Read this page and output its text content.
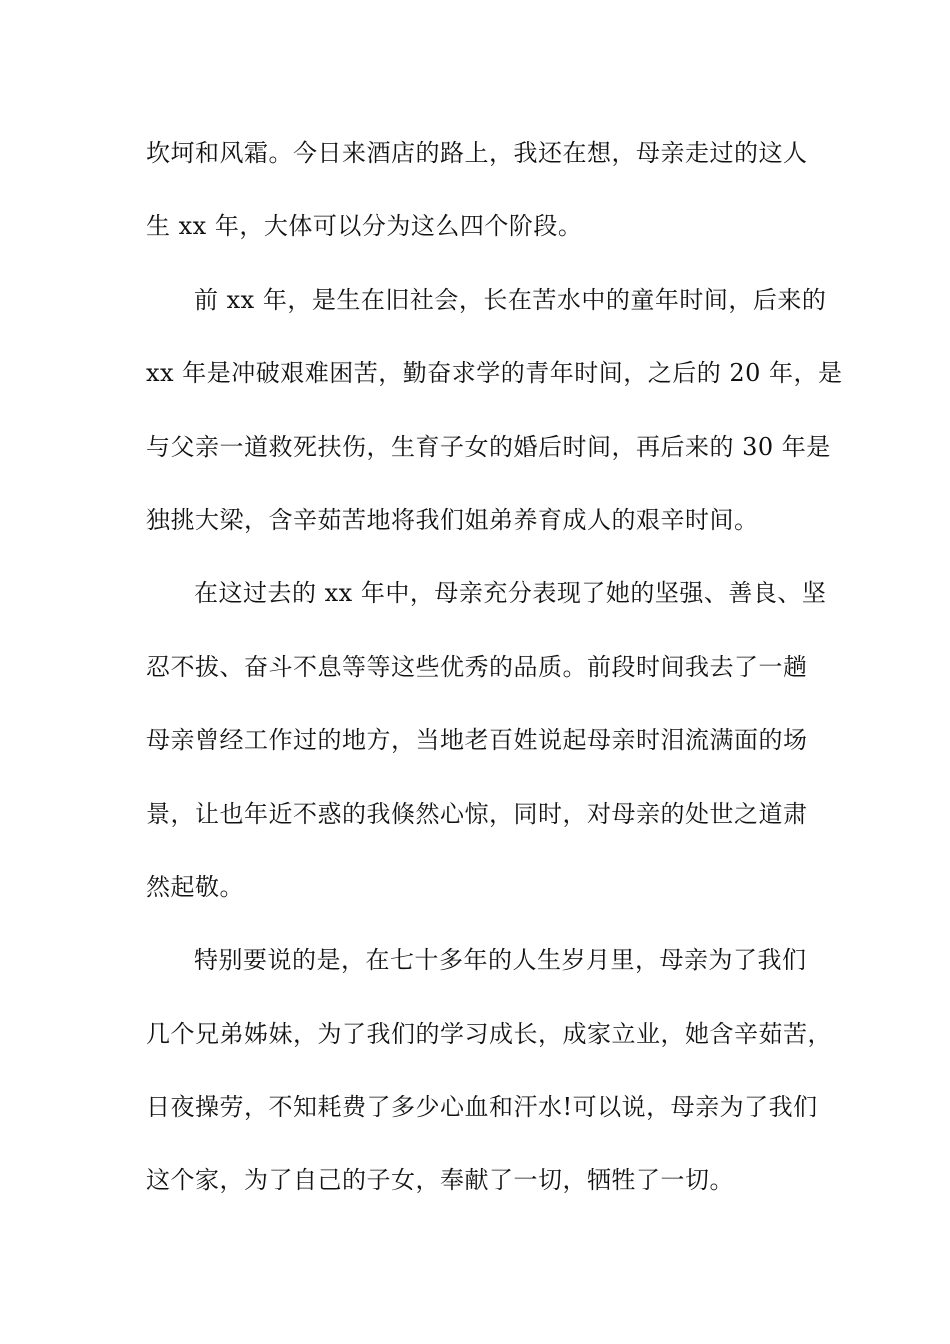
坎坷和风霜。今日来酒店的路上，我还在想，母亲走过的这人
生 xx 年，大体可以分为这么四个阶段。
前 xx 年，是生在旧社会，长在苦水中的童年时间，后来的
xx 年是冲破艰难困苦，勤奋求学的青年时间，之后的 20 年，是
与父亲一道救死扶伤，生育子女的婚后时间，再后来的 30 年是
独挑大梁，含辛茹苦地将我们姐弟养育成人的艰辛时间。
在这过去的 xx 年中，母亲充分表现了她的坚强、善良、坚
忍不拔、奋斗不息等等这些优秀的品质。前段时间我去了一趟
母亲曾经工作过的地方，当地老百姓说起母亲时泪流满面的场
景，让也年近不惑的我倏然心惊，同时，对母亲的处世之道肃
然起敬。
特别要说的是，在七十多年的人生岁月里，母亲为了我们
几个兄弟姊妹，为了我们的学习成长，成家立业，她含辛茹苦，
日夜操劳，不知耗费了多少心血和汗水!可以说，母亲为了我们
这个家，为了自己的子女，奉献了一切，牺牲了一切。
